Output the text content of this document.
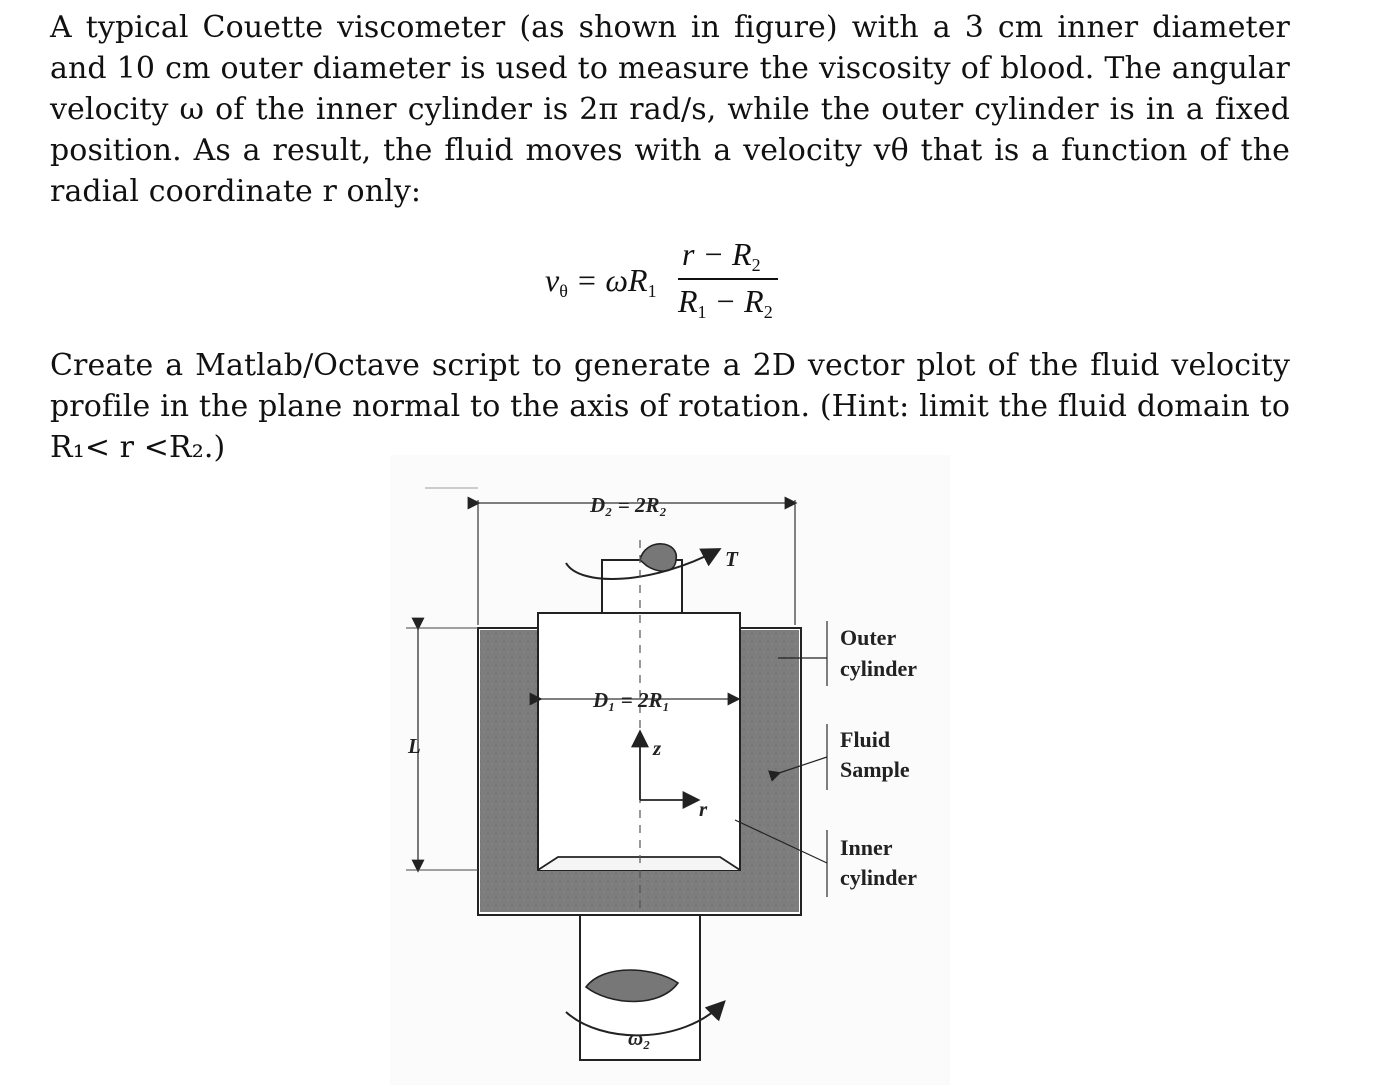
A typical Couette viscometer (as shown in figure) with a 3 cm inner diameter and 10 cm outer diameter is used to measure the viscosity of blood. The angular velocity ω of the inner cylinder is 2π rad/s, while the outer cylinder is in a fixed position. As a result, the fluid moves with a velocity vθ that is a function of the radial coordinate r only:
$v_\theta = \omega R_1$
$r - R_2$
$R_1 - R_2$
Create a Matlab/Octave script to generate a 2D vector plot of the fluid velocity profile in the plane normal to the axis of rotation. (Hint: limit the fluid domain to R₁< r <R₂.)
D₂ = 2R₂
T
D₁ = 2R₁
z
r
L
ω₂
Outer
cylinder
Fluid
Sample
Inner
cylinder
